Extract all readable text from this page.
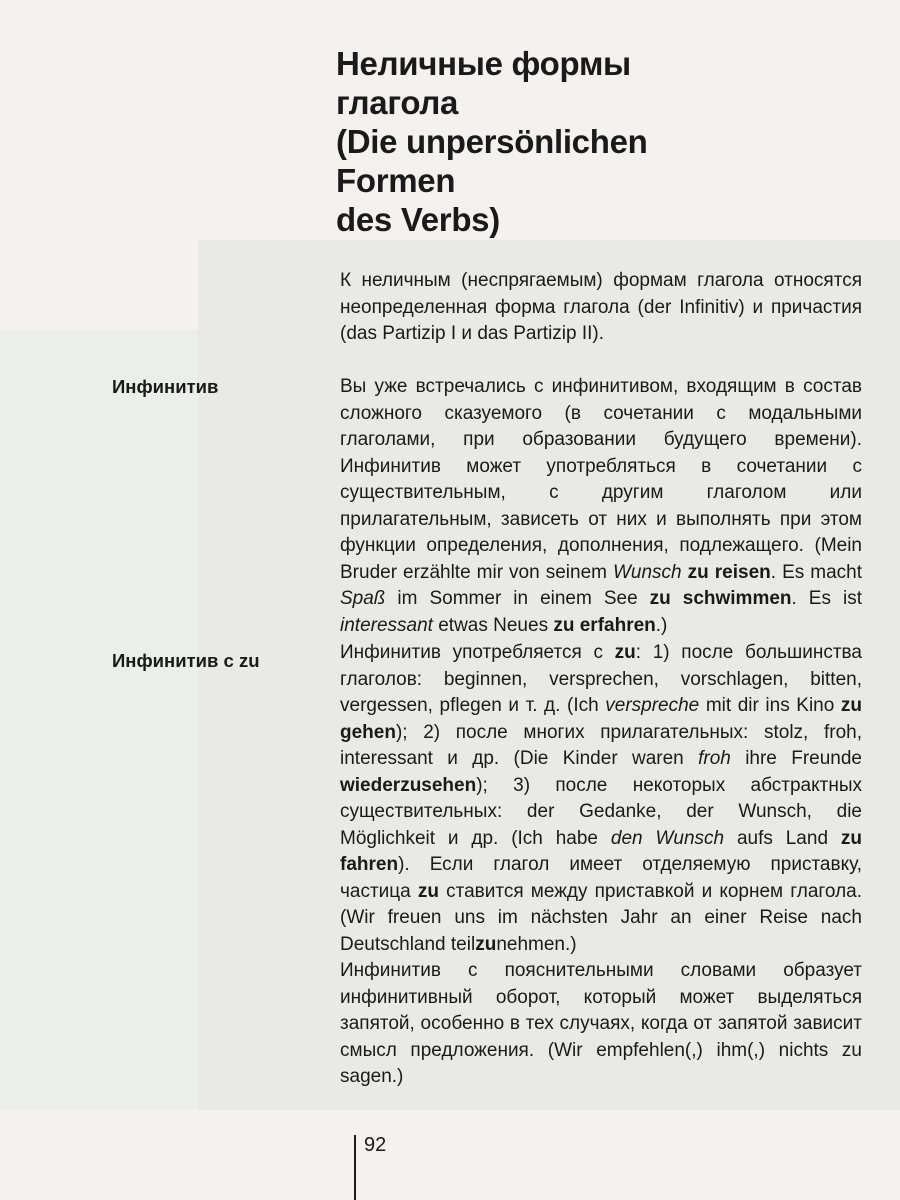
Неличные формы
глагола
(Die unpersönlichen
Formen
des Verbs)

К неличным (неспрягаемым) формам глагола относятся неопределенная форма глагола (der Infinitiv) и причастия (das Partizip I и das Partizip II).

Инфинитив	Вы уже встречались с инфинитивом, входящим в состав сложного сказуемого (в сочетании с модальными глаголами, при образовании будущего времени). Инфинитив может употребляться в сочетании с существительным, с другим глаголом или прилагательным, зависеть от них и выполнять при этом функции определения, дополнения, подлежащего. (Mein Bruder erzählte mir von seinem Wunsch zu reisen. Es macht Spaß im Sommer in einem See zu schwimmen. Es ist interessant etwas Neues zu erfahren.)

Инфинитив с zu	Инфинитив употребляется с zu: 1) после большинства глаголов: beginnen, versprechen, vorschlagen, bitten, vergessen, pflegen и т. д. (Ich verspreche mit dir ins Kino zu gehen); 2) после многих прилагательных: stolz, froh, interessant и др. (Die Kinder waren froh ihre Freunde wiederzusehen); 3) после некоторых абстрактных существительных: der Gedanke, der Wunsch, die Möglichkeit и др. (Ich habe den Wunsch aufs Land zu fahren). Если глагол имеет отделяемую приставку, частица zu ставится между приставкой и корнем глагола. (Wir freuen uns im nächsten Jahr an einer Reise nach Deutschland teilzunehmen.)

Инфинитив с пояснительными словами образует инфинитивный оборот, который может выделяться запятой, особенно в тех случаях, когда от запятой зависит смысл предложения. (Wir empfehlen(,) ihm(,) nichts zu sagen.)

92
